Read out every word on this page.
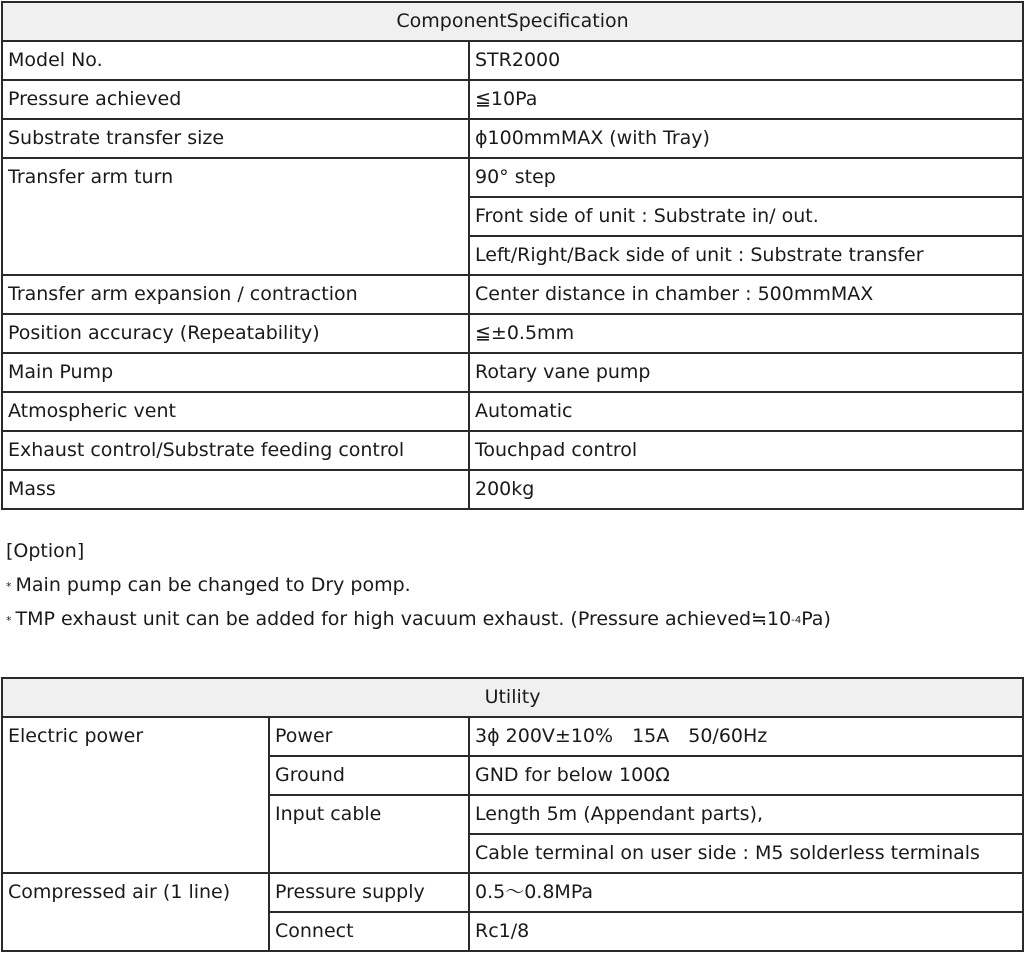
ComponentSpecification	
Model No.	STR2000
Pressure achieved	≦10Pa
Substrate transfer size	ϕ100mmMAX (with Tray)
Transfer arm turn	90° step
	Front side of unit : Substrate in/ out.
	Left/Right/Back side of unit : Substrate transfer
Transfer arm expansion / contraction	Center distance in chamber : 500mmMAX
Position accuracy (Repeatability)	≦±0.5mm
Main Pump	Rotary vane pump
Atmospheric vent	Automatic
Exhaust control/Substrate feeding control	Touchpad control
Mass	200kg
[Option]
* Main pump can be changed to Dry pomp.
* TMP exhaust unit can be added for high vacuum exhaust. (Pressure $achieved≒10^{-4}Pa$)
Utility		
Electric power	Power	3ϕ 200V±10%　15A　50/60Hz
	Ground	GND for below 100Ω
	Input cable	Length 5m (Appendant parts),
		Cable terminal on user side : M5 solderless terminals
Compressed air (1 line)	Pressure supply	0.5～0.8MPa
	Connect	Rc1/8
